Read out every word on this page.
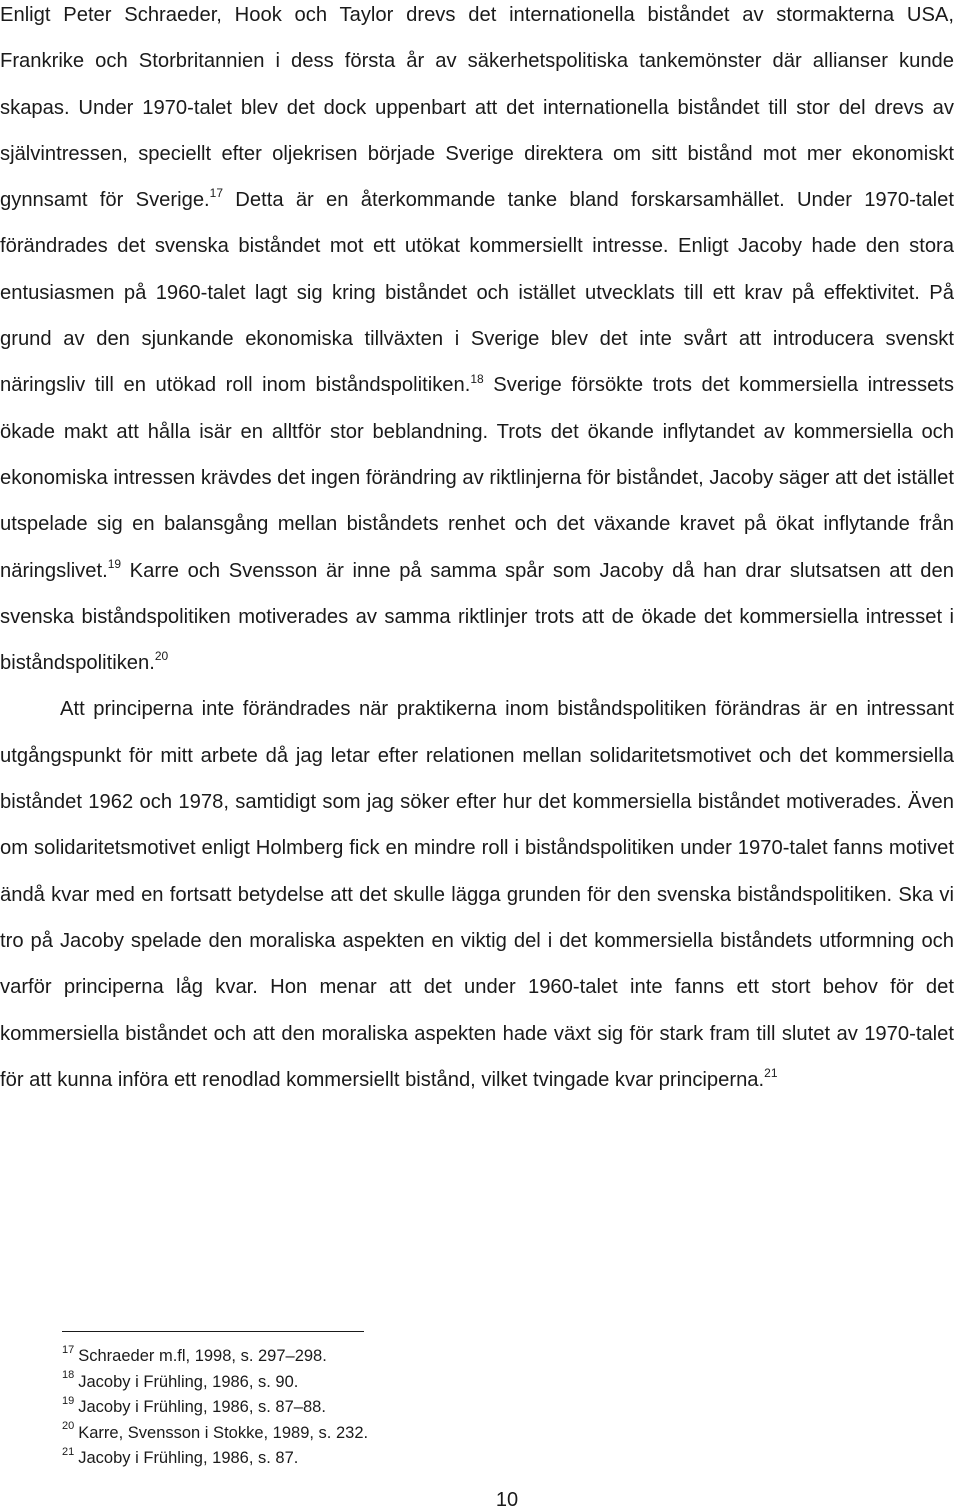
Enligt Peter Schraeder, Hook och Taylor drevs det internationella biståndet av stormakterna USA, Frankrike och Storbritannien i dess första år av säkerhetspolitiska tankemönster där allianser kunde skapas. Under 1970-talet blev det dock uppenbart att det internationella biståndet till stor del drevs av självintressen, speciellt efter oljekrisen började Sverige direktera om sitt bistånd mot mer ekonomiskt gynnsamt för Sverige.$^{17}$ Detta är en återkommande tanke bland forskarsamhället. Under 1970-talet förändrades det svenska biståndet mot ett utökat kommersiellt intresse. Enligt Jacoby hade den stora entusiasmen på 1960-talet lagt sig kring biståndet och istället utvecklats till ett krav på effektivitet. På grund av den sjunkande ekonomiska tillväxten i Sverige blev det inte svårt att introducera svenskt näringsliv till en utökad roll inom biståndspolitiken.$^{18}$ Sverige försökte trots det kommersiella intressets ökade makt att hålla isär en alltför stor beblandning. Trots det ökande inflytandet av kommersiella och ekonomiska intressen krävdes det ingen förändring av riktlinjerna för biståndet, Jacoby säger att det istället utspelade sig en balansgång mellan biståndets renhet och det växande kravet på ökat inflytande från näringslivet.$^{19}$ Karre och Svensson är inne på samma spår som Jacoby då han drar slutsatsen att den svenska biståndspolitiken motiverades av samma riktlinjer trots att de ökade det kommersiella intresset i biståndspolitiken.$^{20}$

Att principerna inte förändrades när praktikerna inom biståndspolitiken förändras är en intressant utgångspunkt för mitt arbete då jag letar efter relationen mellan solidaritetsmotivet och det kommersiella biståndet 1962 och 1978, samtidigt som jag söker efter hur det kommersiella biståndet motiverades. Även om solidaritetsmotivet enligt Holmberg fick en mindre roll i biståndspolitiken under 1970-talet fanns motivet ändå kvar med en fortsatt betydelse att det skulle lägga grunden för den svenska biståndspolitiken. Ska vi tro på Jacoby spelade den moraliska aspekten en viktig del i det kommersiella biståndets utformning och varför principerna låg kvar. Hon menar att det under 1960-talet inte fanns ett stort behov för det kommersiella biståndet och att den moraliska aspekten hade växt sig för stark fram till slutet av 1970-talet för att kunna införa ett renodlad kommersiellt bistånd, vilket tvingade kvar principerna.$^{21}$

$^{17}$ Schraeder m.fl, 1998, s. 297–298.
$^{18}$ Jacoby i Frühling, 1986, s. 90.
$^{19}$ Jacoby i Frühling, 1986, s. 87–88.
$^{20}$ Karre, Svensson i Stokke, 1989, s. 232.
$^{21}$ Jacoby i Frühling, 1986, s. 87.
10
